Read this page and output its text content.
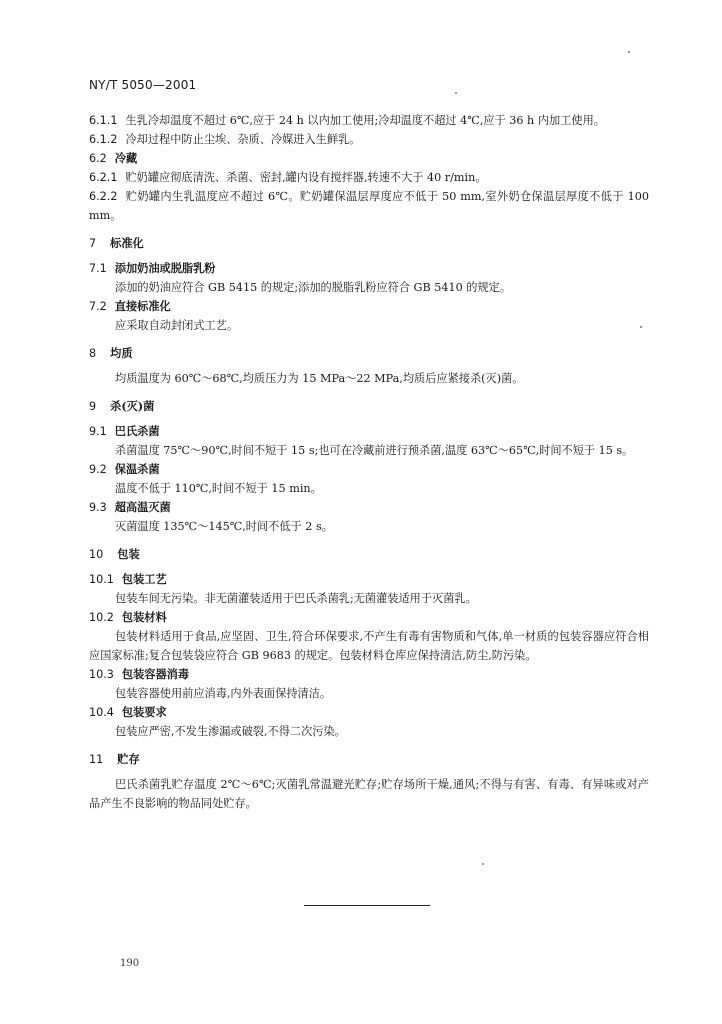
NY/T 5050—2001

6.1.1 生乳冷却温度不超过 6℃,应于 24 h 以内加工使用;冷却温度不超过 4℃,应于 36 h 内加工使用。

6.1.2 冷却过程中防止尘埃、杂质、冷媒进入生鲜乳。

6.2 冷藏

6.2.1 贮奶罐应彻底清洗、杀菌、密封,罐内设有搅拌器,转速不大于 40 r/min。

6.2.2 贮奶罐内生乳温度应不超过 6℃。贮奶罐保温层厚度应不低于 50 mm,室外奶仓保温层厚度不低于 100 mm。

7 标准化

7.1 添加奶油或脱脂乳粉

添加的奶油应符合 GB 5415 的规定;添加的脱脂乳粉应符合 GB 5410 的规定。

7.2 直接标准化

应采取自动封闭式工艺。

8 均质

均质温度为 60℃～68℃,均质压力为 15 MPa～22 MPa,均质后应紧接杀(灭)菌。

9 杀(灭)菌

9.1 巴氏杀菌

杀菌温度 75℃～90℃,时间不短于 15 s;也可在冷藏前进行预杀菌,温度 63℃～65℃,时间不短于 15 s。

9.2 保温杀菌

温度不低于 110℃,时间不短于 15 min。

9.3 超高温灭菌

灭菌温度 135℃～145℃,时间不低于 2 s。

10 包装

10.1 包装工艺

包装车间无污染。非无菌灌装适用于巴氏杀菌乳;无菌灌装适用于灭菌乳。

10.2 包装材料

包装材料适用于食品,应坚固、卫生,符合环保要求,不产生有毒有害物质和气体,单一材质的包装容器应符合相应国家标准;复合包装袋应符合 GB 9683 的规定。包装材料仓库应保持清洁,防尘,防污染。

10.3 包装容器消毒

包装容器使用前应消毒,内外表面保持清洁。

10.4 包装要求

包装应严密,不发生渗漏或破裂,不得二次污染。

11 贮存

巴氏杀菌乳贮存温度 2℃～6℃;灭菌乳常温避光贮存;贮存场所干燥,通风;不得与有害、有毒、有异味或对产品产生不良影响的物品同处贮存。

190
